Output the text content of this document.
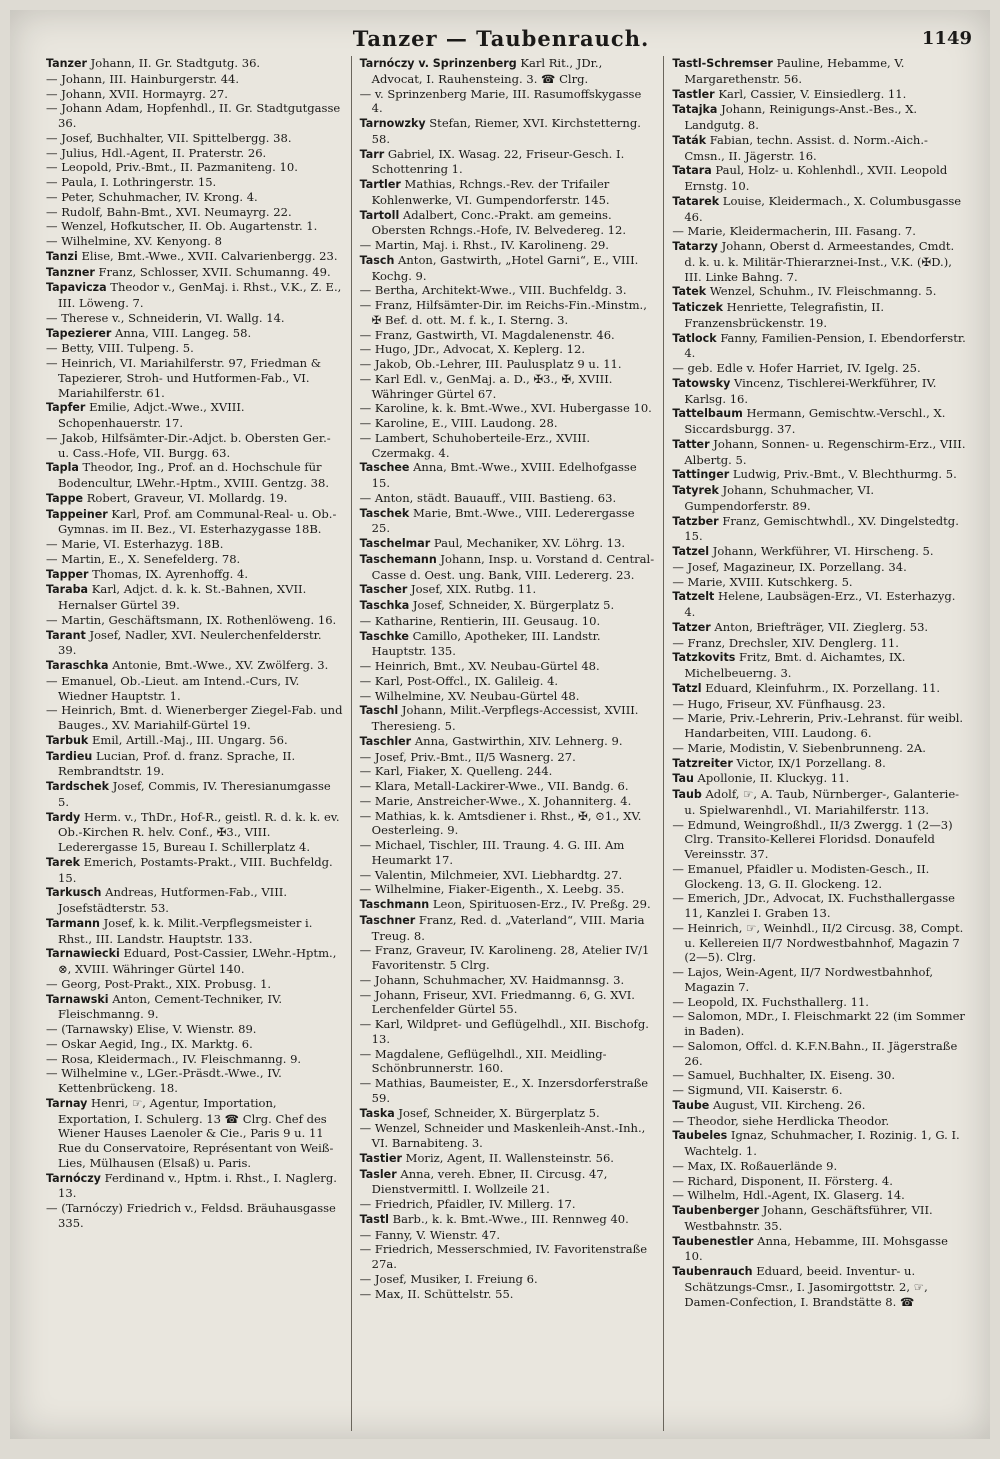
Tanzer — Taubenrauch.	1149
Tanzer Johann, II. Gr. Stadtgutg. 36.
— Johann, III. Hainburgerstr. 44.
— Johann, XVII. Hormayrg. 27.
— Johann Adam, Hopfenhdl., II. Gr. Stadtgutgasse 36.
— Josef, Buchhalter, VII. Spittelbergg. 38.
— Julius, Hdl.-Agent, II. Praterstr. 26.
— Leopold, Priv.-Bmt., II. Pazmaniteng. 10.
— Paula, I. Lothringerstr. 15.
— Peter, Schuhmacher, IV. Krong. 4.
— Rudolf, Bahn-Bmt., XVI. Neumayrg. 22.
— Wenzel, Hofkutscher, II. Ob. Augartenstr. 1.
— Wilhelmine, XV. Kenyong. 8
Tanzi Elise, Bmt.-Wwe., XVII. Calvarienbergg. 23.
Tanzner Franz, Schlosser, XVII. Schumanng. 49.
Tapavicza Theodor v., GenMaj. i. Rhst., V.K., Z. E., III. Löweng. 7.
— Therese v., Schneiderin, VI. Wallg. 14.
Tapezierer Anna, VIII. Langeg. 58.
— Betty, VIII. Tulpeng. 5.
— Heinrich, VI. Mariahilferstr. 97, Friedman & Tapezierer, Stroh- und Hutformen-Fab., VI. Mariahilferstr. 61.
Tapfer Emilie, Adjct.-Wwe., XVIII. Schopenhauerstr. 17.
— Jakob, Hilfsämter-Dir.-Adjct. b. Obersten Ger.- u. Cass.-Hofe, VII. Burgg. 63.
Tapla Theodor, Ing., Prof. an d. Hochschule für Bodencultur, LWehr.-Hptm., XVIII. Gentzg. 38.
Tappe Robert, Graveur, VI. Mollardg. 19.
Tappeiner Karl, Prof. am Communal-Real- u. Ob.-Gymnas. im II. Bez., VI. Esterhazygasse 18B.
— Marie, VI. Esterhazyg. 18B.
— Martin, E., X. Senefelderg. 78.
Tapper Thomas, IX. Ayrenhoffg. 4.
Taraba Karl, Adjct. d. k. k. St.-Bahnen, XVII. Hernalser Gürtel 39.
— Martin, Geschäftsmann, IX. Rothenlöweng. 16.
Tarant Josef, Nadler, XVI. Neulerchenfelderstr. 39.
Taraschka Antonie, Bmt.-Wwe., XV. Zwölferg. 3.
— Emanuel, Ob.-Lieut. am Intend.-Curs, IV. Wiedner Hauptstr. 1.
— Heinrich, Bmt. d. Wienerberger Ziegel-Fab. und Bauges., XV. Mariahilf-Gürtel 19.
Tarbuk Emil, Artill.-Maj., III. Ungarg. 56.
Tardieu Lucian, Prof. d. franz. Sprache, II. Rembrandtstr. 19.
Tardschek Josef, Commis, IV. Theresianumgasse 5.
Tardy Herm. v., ThDr., Hof-R., geistl. R. d. k. k. ev. Ob.-Kirchen R. helv. Conf., ✠3., VIII. Lederergasse 15, Bureau I. Schillerplatz 4.
Tarek Emerich, Postamts-Prakt., VIII. Buchfeldg. 15.
Tarkusch Andreas, Hutformen-Fab., VIII. Josefstädterstr. 53.
Tarmann Josef, k. k. Milit.-Verpflegsmeister i. Rhst., III. Landstr. Hauptstr. 133.
Tarnawiecki Eduard, Post-Cassier, LWehr.-Hptm., ⊗, XVIII. Währinger Gürtel 140.
— Georg, Post-Prakt., XIX. Probusg. 1.
Tarnawski Anton, Cement-Techniker, IV. Fleischmanng. 9.
— (Tarnawsky) Elise, V. Wienstr. 89.
— Oskar Aegid, Ing., IX. Marktg. 6.
— Rosa, Kleidermach., IV. Fleischmanng. 9.
— Wilhelmine v., LGer.-Präsdt.-Wwe., IV. Kettenbrückeng. 18.
Tarnay Henri, ☞, Agentur, Importation, Exportation, I. Schulerg. 13 ☎ Clrg. Chef des Wiener Hauses Laenoler & Cie., Paris 9 u. 11 Rue du Conservatoire, Représentant von Weiß-Lies, Mülhausen (Elsaß) u. Paris.
Tarnóczy Ferdinand v., Hptm. i. Rhst., I. Naglerg. 13.
— (Tarnóczy) Friedrich v., Feldsd. Bräuhausgasse 335.
Tarnóczy v. Sprinzenberg Karl Rit., JDr., Advocat, I. Rauhensteing. 3. ☎ Clrg.
— v. Sprinzenberg Marie, III. Rasumoffskygasse 4.
Tarnowzky Stefan, Riemer, XVI. Kirchstetterng. 58.
Tarr Gabriel, IX. Wasag. 22, Friseur-Gesch. I. Schottenring 1.
Tartler Mathias, Rchngs.-Rev. der Trifailer Kohlenwerke, VI. Gumpendorferstr. 145.
Tartoll Adalbert, Conc.-Prakt. am gemeins. Obersten Rchngs.-Hofe, IV. Belvedereg. 12.
— Martin, Maj. i. Rhst., IV. Karolineng. 29.
Tasch Anton, Gastwirth, „Hotel Garni“, E., VIII. Kochg. 9.
— Bertha, Architekt-Wwe., VIII. Buchfeldg. 3.
— Franz, Hilfsämter-Dir. im Reichs-Fin.-Minstm., ✠ Bef. d. ott. M. f. k., I. Sterng. 3.
— Franz, Gastwirth, VI. Magdalenenstr. 46.
— Hugo, JDr., Advocat, X. Keplerg. 12.
— Jakob, Ob.-Lehrer, III. Paulusplatz 9 u. 11.
— Karl Edl. v., GenMaj. a. D., ✠3., ✠, XVIII. Währinger Gürtel 67.
— Karoline, k. k. Bmt.-Wwe., XVI. Hubergasse 10.
— Karoline, E., VIII. Laudong. 28.
— Lambert, Schuhoberteile-Erz., XVIII. Czermakg. 4.
Taschee Anna, Bmt.-Wwe., XVIII. Edelhofgasse 15.
— Anton, städt. Bauauff., VIII. Bastieng. 63.
Taschek Marie, Bmt.-Wwe., VIII. Lederergasse 25.
Taschelmar Paul, Mechaniker, XV. Löhrg. 13.
Taschemann Johann, Insp. u. Vorstand d. Central-Casse d. Oest. ung. Bank, VIII. Ledererg. 23.
Tascher Josef, XIX. Rutbg. 11.
Taschka Josef, Schneider, X. Bürgerplatz 5.
— Katharine, Rentierin, III. Geusaug. 10.
Taschke Camillo, Apotheker, III. Landstr. Hauptstr. 135.
— Heinrich, Bmt., XV. Neubau-Gürtel 48.
— Karl, Post-Offcl., IX. Galileig. 4.
— Wilhelmine, XV. Neubau-Gürtel 48.
Taschl Johann, Milit.-Verpflegs-Accessist, XVIII. Theresieng. 5.
Taschler Anna, Gastwirthin, XIV. Lehnerg. 9.
— Josef, Priv.-Bmt., II/5 Wasnerg. 27.
— Karl, Fiaker, X. Quelleng. 244.
— Klara, Metall-Lackirer-Wwe., VII. Bandg. 6.
— Marie, Anstreicher-Wwe., X. Johanniterg. 4.
— Mathias, k. k. Amtsdiener i. Rhst., ✠, ⊙1., XV. Oesterleing. 9.
— Michael, Tischler, III. Traung. 4. G. III. Am Heumarkt 17.
— Valentin, Milchmeier, XVI. Liebhardtg. 27.
— Wilhelmine, Fiaker-Eigenth., X. Leebg. 35.
Taschmann Leon, Spirituosen-Erz., IV. Preßg. 29.
Taschner Franz, Red. d. „Vaterland“, VIII. Maria Treug. 8.
— Franz, Graveur, IV. Karolineng. 28, Atelier IV/1 Favoritenstr. 5 Clrg.
— Johann, Schuhmacher, XV. Haidmannsg. 3.
— Johann, Friseur, XVI. Friedmanng. 6, G. XVI. Lerchenfelder Gürtel 55.
— Karl, Wildpret- und Geflügelhdl., XII. Bischofg. 13.
— Magdalene, Geflügelhdl., XII. Meidling-Schönbrunnerstr. 160.
— Mathias, Baumeister, E., X. Inzersdorferstraße 59.
Taska Josef, Schneider, X. Bürgerplatz 5.
— Wenzel, Schneider und Maskenleih-Anst.-Inh., VI. Barnabiteng. 3.
Tastier Moriz, Agent, II. Wallensteinstr. 56.
Tasler Anna, vereh. Ebner, II. Circusg. 47, Dienstvermittl. I. Wollzeile 21.
— Friedrich, Pfaidler, IV. Millerg. 17.
Tastl Barb., k. k. Bmt.-Wwe., III. Rennweg 40.
— Fanny, V. Wienstr. 47.
— Friedrich, Messerschmied, IV. Favoritenstraße 27a.
— Josef, Musiker, I. Freiung 6.
— Max, II. Schüttelstr. 55.
Tastl-Schremser Pauline, Hebamme, V. Margarethenstr. 56.
Tastler Karl, Cassier, V. Einsiedlerg. 11.
Tatajka Johann, Reinigungs-Anst.-Bes., X. Landgutg. 8.
Taták Fabian, techn. Assist. d. Norm.-Aich.-Cmsn., II. Jägerstr. 16.
Tatara Paul, Holz- u. Kohlenhdl., XVII. Leopold Ernstg. 10.
Tatarek Louise, Kleidermach., X. Columbusgasse 46.
— Marie, Kleidermacherin, III. Fasang. 7.
Tatarzy Johann, Oberst d. Armeestandes, Cmdt. d. k. u. k. Militär-Thierarznei-Inst., V.K. (✠D.), III. Linke Bahng. 7.
Tatek Wenzel, Schuhm., IV. Fleischmanng. 5.
Taticzek Henriette, Telegrafistin, II. Franzensbrückenstr. 19.
Tatlock Fanny, Familien-Pension, I. Ebendorferstr. 4.
— geb. Edle v. Hofer Harriet, IV. Igelg. 25.
Tatowsky Vincenz, Tischlerei-Werkführer, IV. Karlsg. 16.
Tattelbaum Hermann, Gemischtw.-Verschl., X. Siccardsburgg. 37.
Tatter Johann, Sonnen- u. Regenschirm-Erz., VIII. Albertg. 5.
Tattinger Ludwig, Priv.-Bmt., V. Blechthurmg. 5.
Tatyrek Johann, Schuhmacher, VI. Gumpendorferstr. 89.
Tatzber Franz, Gemischtwhdl., XV. Dingelstedtg. 15.
Tatzel Johann, Werkführer, VI. Hirscheng. 5.
— Josef, Magazineur, IX. Porzellang. 34.
— Marie, XVIII. Kutschkerg. 5.
Tatzelt Helene, Laubsägen-Erz., VI. Esterhazyg. 4.
Tatzer Anton, Briefträger, VII. Zieglerg. 53.
— Franz, Drechsler, XIV. Denglerg. 11.
Tatzkovits Fritz, Bmt. d. Aichamtes, IX. Michelbeuerng. 3.
Tatzl Eduard, Kleinfuhrm., IX. Porzellang. 11.
— Hugo, Friseur, XV. Fünfhausg. 23.
— Marie, Priv.-Lehrerin, Priv.-Lehranst. für weibl. Handarbeiten, VIII. Laudong. 6.
— Marie, Modistin, V. Siebenbrunneng. 2A.
Tatzreiter Victor, IX/1 Porzellang. 8.
Tau Apollonie, II. Kluckyg. 11.
Taub Adolf, ☞, A. Taub, Nürnberger-, Galanterie- u. Spielwarenhdl., VI. Mariahilferstr. 113.
— Edmund, Weingroßhdl., II/3 Zwergg. 1 (2—3) Clrg. Transito-Kellerei Floridsd. Donaufeld Vereinsstr. 37.
— Emanuel, Pfaidler u. Modisten-Gesch., II. Glockeng. 13, G. II. Glockeng. 12.
— Emerich, JDr., Advocat, IX. Fuchsthallergasse 11, Kanzlei I. Graben 13.
— Heinrich, ☞, Weinhdl., II/2 Circusg. 38, Compt. u. Kellereien II/7 Nordwestbahnhof, Magazin 7 (2—5). Clrg.
— Lajos, Wein-Agent, II/7 Nordwestbahnhof, Magazin 7.
— Leopold, IX. Fuchsthallerg. 11.
— Salomon, MDr., I. Fleischmarkt 22 (im Sommer in Baden).
— Salomon, Offcl. d. K.F.N.Bahn., II. Jägerstraße 26.
— Samuel, Buchhalter, IX. Eiseng. 30.
— Sigmund, VII. Kaiserstr. 6.
Taube August, VII. Kircheng. 26.
— Theodor, siehe Herdlicka Theodor.
Taubeles Ignaz, Schuhmacher, I. Rozinig. 1, G. I. Wachtelg. 1.
— Max, IX. Roßauerlände 9.
— Richard, Disponent, II. Försterg. 4.
— Wilhelm, Hdl.-Agent, IX. Glaserg. 14.
Taubenberger Johann, Geschäftsführer, VII. Westbahnstr. 35.
Taubenestler Anna, Hebamme, III. Mohsgasse 10.
Taubenrauch Eduard, beeid. Inventur- u. Schätzungs-Cmsr., I. Jasomirgottstr. 2, ☞, Damen-Confection, I. Brandstätte 8. ☎
